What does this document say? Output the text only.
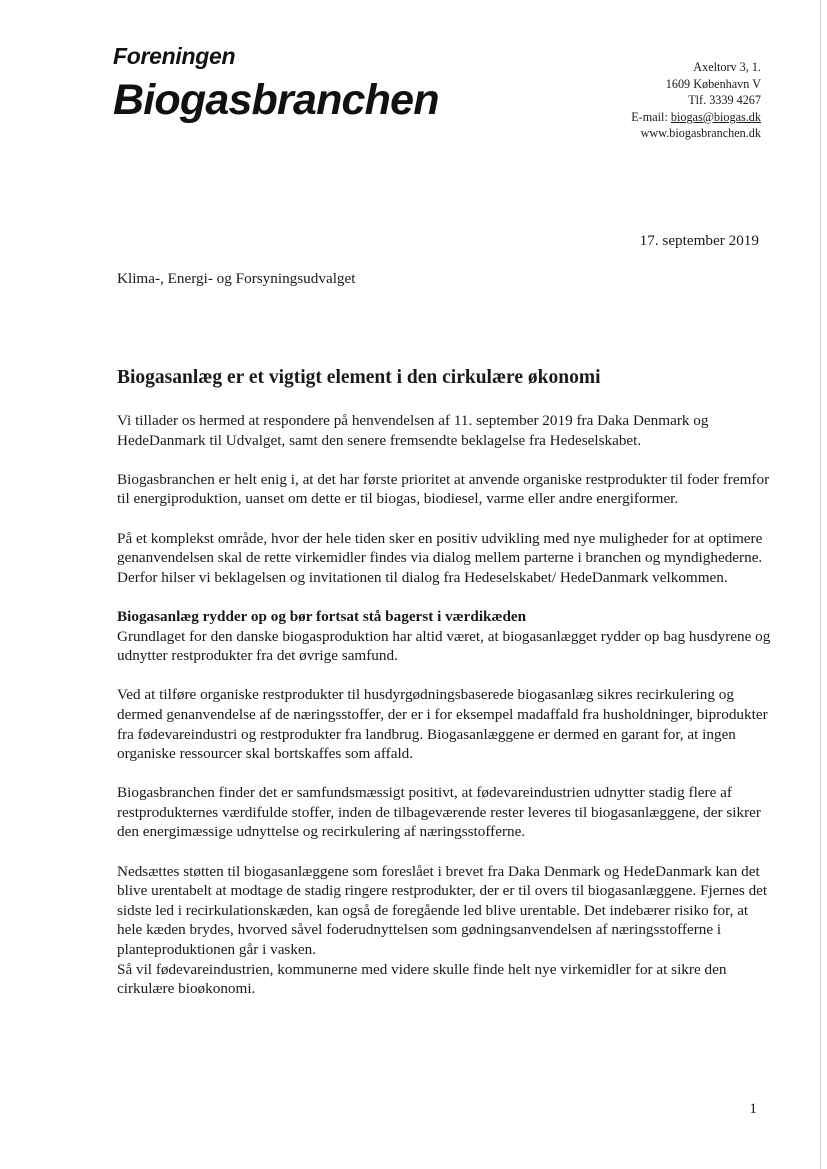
Foreningen
Biogasbranchen
Axeltorv 3, 1.
1609 København V
Tlf. 3339 4267
E-mail: biogas@biogas.dk
www.biogasbranchen.dk
17. september 2019
Klima-, Energi- og Forsyningsudvalget
Biogasanlæg er et vigtigt element i den cirkulære økonomi

Vi tillader os hermed at respondere på henvendelsen af 11. september 2019 fra Daka Denmark og HedeDanmark til Udvalget, samt den senere fremsendte beklagelse fra Hedeselskabet.

Biogasbranchen er helt enig i, at det har første prioritet at anvende organiske restprodukter til foder fremfor til energiproduktion, uanset om dette er til biogas, biodiesel, varme eller andre energiformer.

På et komplekst område, hvor der hele tiden sker en positiv udvikling med nye muligheder for at optimere genanvendelsen skal de rette virkemidler findes via dialog mellem parterne i branchen og myndighederne. Derfor hilser vi beklagelsen og invitationen til dialog fra Hedeselskabet/ HedeDanmark velkommen.

Biogasanlæg rydder op og bør fortsat stå bagerst i værdikæden

Grundlaget for den danske biogasproduktion har altid været, at biogasanlægget rydder op bag husdyrene og udnytter restprodukter fra det øvrige samfund.

Ved at tilføre organiske restprodukter til husdyrgødningsbaserede biogasanlæg sikres recirkulering og dermed genanvendelse af de næringsstoffer, der er i for eksempel madaffald fra husholdninger, biprodukter fra fødevareindustri og restprodukter fra landbrug. Biogasanlæggene er dermed en garant for, at ingen organiske ressourcer skal bortskaffes som affald.

Biogasbranchen finder det er samfundsmæssigt positivt, at fødevareindustrien udnytter stadig flere af restprodukternes værdifulde stoffer, inden de tilbageværende rester leveres til biogasanlæggene, der sikrer den energimæssige udnyttelse og recirkulering af næringsstofferne.

Nedsættes støtten til biogasanlæggene som foreslået i brevet fra Daka Denmark og HedeDanmark kan det blive urentabelt at modtage de stadig ringere restprodukter, der er til overs til biogasanlæggene. Fjernes det sidste led i recirkulationskæden, kan også de foregående led blive urentable. Det indebærer risiko for, at hele kæden brydes, hvorved såvel foderudnyttelsen som gødningsanvendelsen af næringsstofferne i planteproduktionen går i vasken.

Så vil fødevareindustrien, kommunerne med videre skulle finde helt nye virkemidler for at sikre den cirkulære bioøkonomi.

1
